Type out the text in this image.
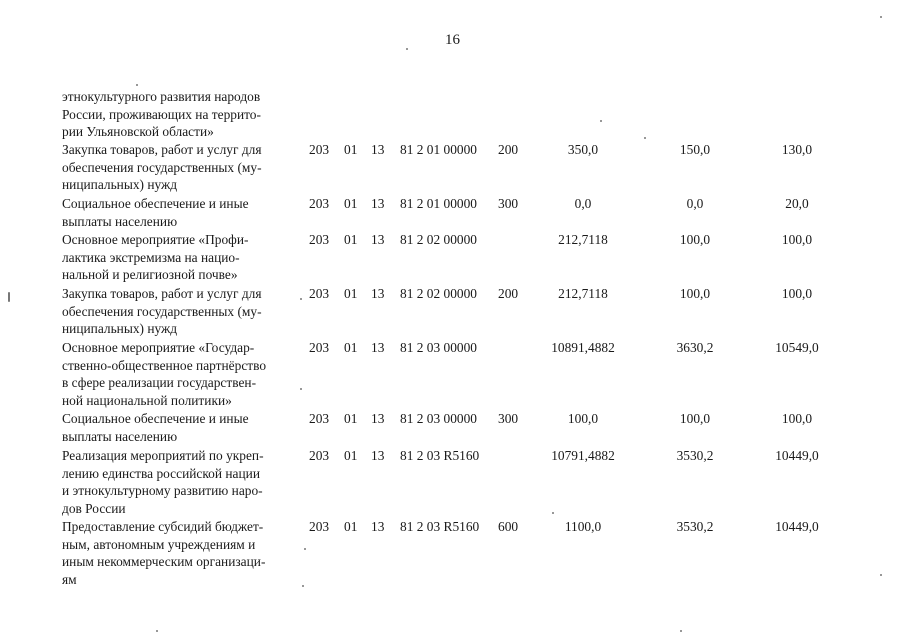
16
этнокультурного развития народов
России, проживающих на террито-
рии Ульяновской области»
Закупка товаров, работ и услуг для
обеспечения государственных (му-
ниципальных) нужд
203 01 13 81 2 01 00000 200	350,0	150,0	130,0
Социальное обеспечение и иные
выплаты населению
203 01 13 81 2 01 00000 300	0,0	0,0	20,0
Основное мероприятие «Профи-
лактика экстремизма на нацио-
нальной и религиозной почве»
203 01 13 81 2 02 00000	212,7118	100,0	100,0
Закупка товаров, работ и услуг для
обеспечения государственных (му-
ниципальных) нужд
203 01 13 81 2 02 00000 200	212,7118	100,0	100,0
Основное мероприятие «Государ-
ственно-общественное партнёрство
в сфере реализации государствен-
ной национальной политики»
203 01 13 81 2 03 00000	10891,4882	3630,2	10549,0
Социальное обеспечение и иные
выплаты населению
203 01 13 81 2 03 00000 300	100,0	100,0	100,0
Реализация мероприятий по укреп-
лению единства российской нации
и этнокультурному развитию наро-
дов России
203 01 13 81 2 03 R5160	10791,4882	3530,2	10449,0
Предоставление субсидий бюджет-
ным, автономным учреждениям и
иным некоммерческим организаци-
ям
203 01 13 81 2 03 R5160 600	1100,0	3530,2	10449,0
